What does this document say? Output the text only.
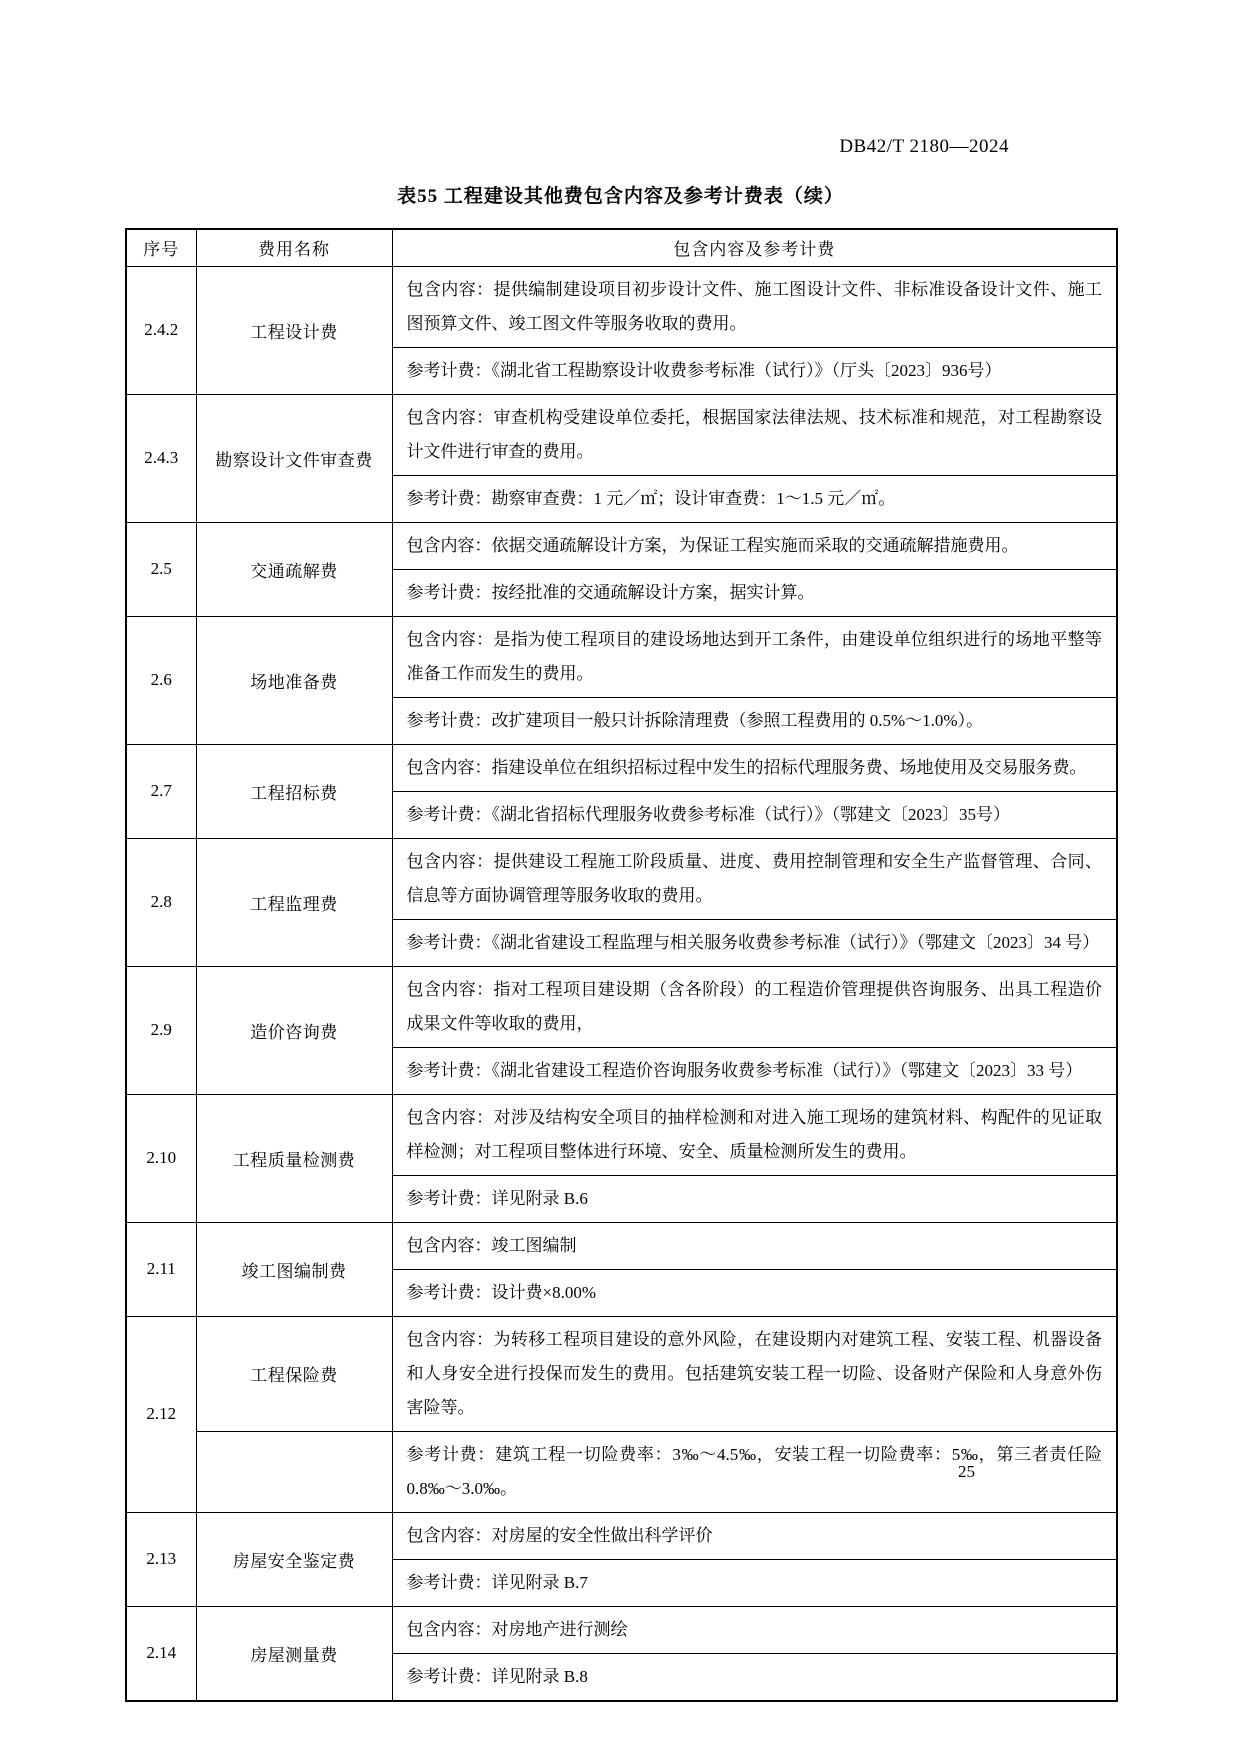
DB42/T 2180—2024
表55 工程建设其他费包含内容及参考计费表（续）
序号	费用名称	包含内容及参考计费
2.4.2	工程设计费	包含内容：提供编制建设项目初步设计文件、施工图设计文件、非标准设备设计文件、施工图预算文件、竣工图文件等服务收取的费用。
		参考计费：《湖北省工程勘察设计收费参考标准（试行）》（厅头〔2023〕936号）
2.4.3	勘察设计文件审查费	包含内容：审查机构受建设单位委托，根据国家法律法规、技术标准和规范，对工程勘察设计文件进行审查的费用。
		参考计费：勘察审查费：1 元／㎡；设计审查费：1～1.5 元／㎡。
2.5	交通疏解费	包含内容：依据交通疏解设计方案，为保证工程实施而采取的交通疏解措施费用。
		参考计费：按经批准的交通疏解设计方案，据实计算。
2.6	场地准备费	包含内容：是指为使工程项目的建设场地达到开工条件，由建设单位组织进行的场地平整等准备工作而发生的费用。
		参考计费：改扩建项目一般只计拆除清理费（参照工程费用的 0.5%～1.0%）。
2.7	工程招标费	包含内容：指建设单位在组织招标过程中发生的招标代理服务费、场地使用及交易服务费。
		参考计费：《湖北省招标代理服务收费参考标准（试行）》（鄂建文〔2023〕35号）
2.8	工程监理费	包含内容：提供建设工程施工阶段质量、进度、费用控制管理和安全生产监督管理、合同、信息等方面协调管理等服务收取的费用。
		参考计费：《湖北省建设工程监理与相关服务收费参考标准（试行）》（鄂建文〔2023〕34 号）
2.9	造价咨询费	包含内容：指对工程项目建设期（含各阶段）的工程造价管理提供咨询服务、出具工程造价成果文件等收取的费用，
		参考计费：《湖北省建设工程造价咨询服务收费参考标准（试行）》（鄂建文〔2023〕33 号）
2.10	工程质量检测费	包含内容：对涉及结构安全项目的抽样检测和对进入施工现场的建筑材料、构配件的见证取样检测；对工程项目整体进行环境、安全、质量检测所发生的费用。
		参考计费：详见附录 B.6
2.11	竣工图编制费	包含内容：竣工图编制
		参考计费：设计费×8.00%
2.12	工程保险费	包含内容：为转移工程项目建设的意外风险，在建设期内对建筑工程、安装工程、机器设备和人身安全进行投保而发生的费用。包括建筑安装工程一切险、设备财产保险和人身意外伤害险等。
		参考计费：建筑工程一切险费率：3‰～4.5‰，安装工程一切险费率：5‰，第三者责任险 0.8‰～3.0‰。
2.13	房屋安全鉴定费	包含内容：对房屋的安全性做出科学评价
		参考计费：详见附录 B.7
2.14	房屋测量费	包含内容：对房地产进行测绘
		参考计费：详见附录 B.8
25
